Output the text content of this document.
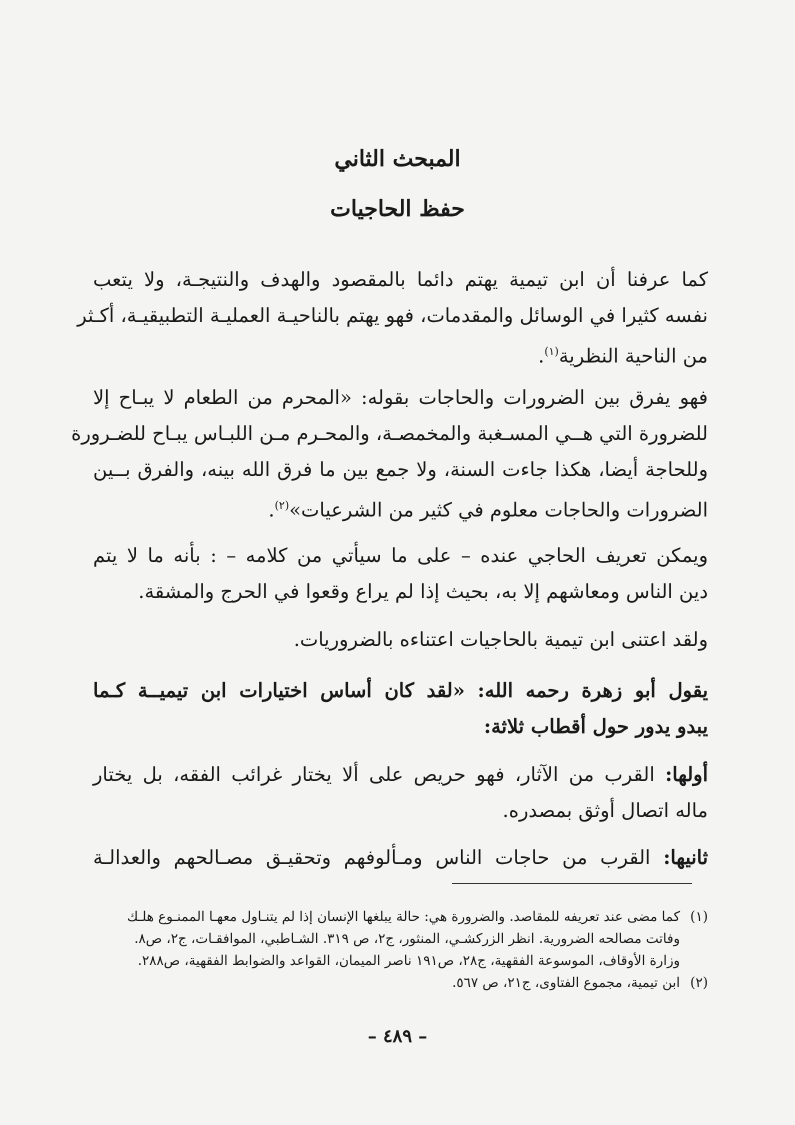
المبحث الثاني
حفظ الحاجيات
كما عرفنا أن ابن تيمية يهتم دائما بالمقصود والهدف والنتيجـة، ولا يتعب
نفسه كثيرا في الوسائل والمقدمات، فهو يهتم بالناحيـة العمليـة التطبيقيـة، أكـثر
من الناحية النظرية$^{(١)}$.
فهو يفرق بين الضرورات والحاجات بقوله: «المحرم من الطعام لا يبـاح إلا
للضرورة التي هــي المسـغبة والمخمصـة، والمحـرم مـن اللبـاس يبـاح للضـرورة
وللحاجة أيضا، هكذا جاءت السنة، ولا جمع بين ما فرق الله بينه، والفرق بــين
الضرورات والحاجات معلوم في كثير من الشرعيات»$^{(٢)}$.
ويمكن تعريف الحاجي عنده – على ما سيأتي من كلامه – : بأنه ما لا يتم
دين الناس ومعاشهم إلا به، بحيث إذا لم يراع وقعوا في الحرج والمشقة.
ولقد اعتنى ابن تيمية بالحاجيات اعتناءه بالضروريات.
يقول أبو زهرة رحمه الله: «لقد كان أساس اختيارات ابن تيميــة كـما
يبدو يدور حول أقطاب ثلاثة:
أولها: القرب من الآثار، فهو حريص على ألا يختار غرائب الفقه، بل يختار
ماله اتصال أوثق بمصدره.
ثانيها: القرب من حاجات الناس ومـألوفهم وتحقيـق مصـالحهم والعدالـة
(١)كما مضى عند تعريفه للمقاصد. والضرورة هي: حالة يبلغها الإنسان إذا لم يتنـاول معهـا الممنـوع هلـك
وفاتت مصالحه الضرورية. انظر الزركشـي، المنثور، ج٢، ص ٣١٩. الشـاطبي، الموافقـات، ج٢، ص٨.
وزارة الأوقاف، الموسوعة الفقهية، ج٢٨، ص١٩١ ناصر الميمان، القواعد والضوابط الفقهية، ص٢٨٨.
(٢)ابن تيمية، مجموع الفتاوى، ج٢١، ص ٥٦٧.
– ٤٨٩ –
